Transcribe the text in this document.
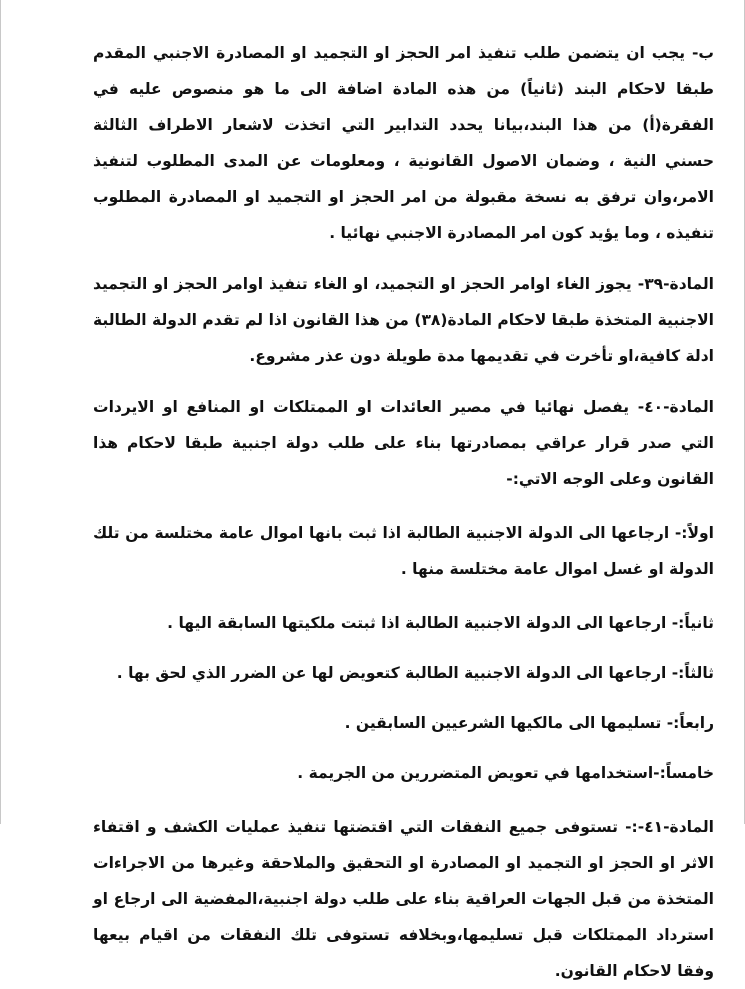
ب- يجب ان يتضمن طلب تنفيذ امر الحجز او التجميد او المصادرة الاجنبي المقدم طبقا لاحكام البند (ثانياً) من هذه المادة اضافة الى ما هو منصوص عليه في الفقرة(أ) من هذا البند،بيانا يحدد التدابير التي اتخذت لاشعار الاطراف الثالثة حسني النية ، وضمان الاصول القانونية ، ومعلومات عن المدى المطلوب لتنفيذ الامر،وان ترفق به نسخة مقبولة من امر الحجز او التجميد او المصادرة المطلوب تنفيذه ، وما يؤيد كون امر المصادرة الاجنبي نهائيا .

المادة-٣٩- يجوز الغاء اوامر الحجز او التجميد، او الغاء تنفيذ اوامر الحجز او التجميد الاجنبية المتخذة طبقا لاحكام المادة(٣٨) من هذا القانون اذا لم تقدم الدولة الطالبة ادلة كافية،او تأخرت في تقديمها مدة طويلة دون عذر مشروع.

المادة-٤٠- يفصل نهائيا في مصير العائدات او الممتلكات او المنافع او الايردات التي صدر قرار عراقي بمصادرتها بناء على طلب دولة اجنبية طبقا لاحكام هذا القانون وعلى الوجه الاتي:-

اولاً:- ارجاعها الى الدولة الاجنبية الطالبة اذا ثبت بانها اموال عامة مختلسة من تلك الدولة او غسل اموال عامة مختلسة منها .

ثانياً:- ارجاعها الى الدولة الاجنبية الطالبة اذا ثبتت ملكيتها السابقة اليها .

ثالثاً:- ارجاعها الى الدولة الاجنبية الطالبة كتعويض لها عن الضرر الذي لحق بها .

رابعاً:- تسليمها الى مالكيها الشرعيين السابقين .

خامساً:-استخدامها في تعويض المتضررين من الجريمة .

المادة-٤١-:- تستوفى جميع النفقات التي اقتضتها تنفيذ عمليات الكشف و اقتفاء الاثر او الحجز او التجميد او المصادرة او التحقيق والملاحقة وغيرها من الاجراءات المتخذة من قبل الجهات العراقية بناء على طلب دولة اجنبية،المفضية الى ارجاع او استرداد الممتلكات قبل تسليمها،وبخلافه تستوفى تلك النفقات من اقيام بيعها وفقا لاحكام القانون.
